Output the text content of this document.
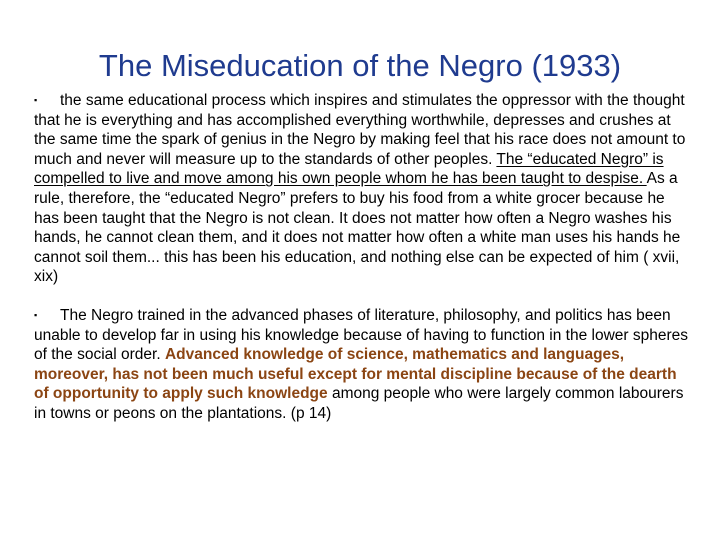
The Miseducation of the Negro (1933)
▪ the same educational process which inspires and stimulates the oppressor with the thought that he is everything and has accomplished everything worthwhile, depresses and crushes at the same time the spark of genius in the Negro by making feel that his race does not amount to much and never will measure up to the standards of other peoples. The “educated Negro” is compelled to live and move among his own people whom he has been taught to despise. As a rule, therefore, the “educated Negro” prefers to buy his food from a white grocer because he has been taught that the Negro is not clean. It does not matter how often a Negro washes his hands, he cannot clean them, and it does not matter how often a white man uses his hands he cannot soil them... this has been his education, and nothing else can be expected of him ( xvii, xix)
▪ The Negro trained in the advanced phases of literature, philosophy, and politics has been unable to develop far in using his knowledge because of having to function in the lower spheres of the social order. Advanced knowledge of science, mathematics and languages, moreover, has not been much useful except for mental discipline because of the dearth of opportunity to apply such knowledge among people who were largely common labourers in towns or peons on the plantations. (p 14)
